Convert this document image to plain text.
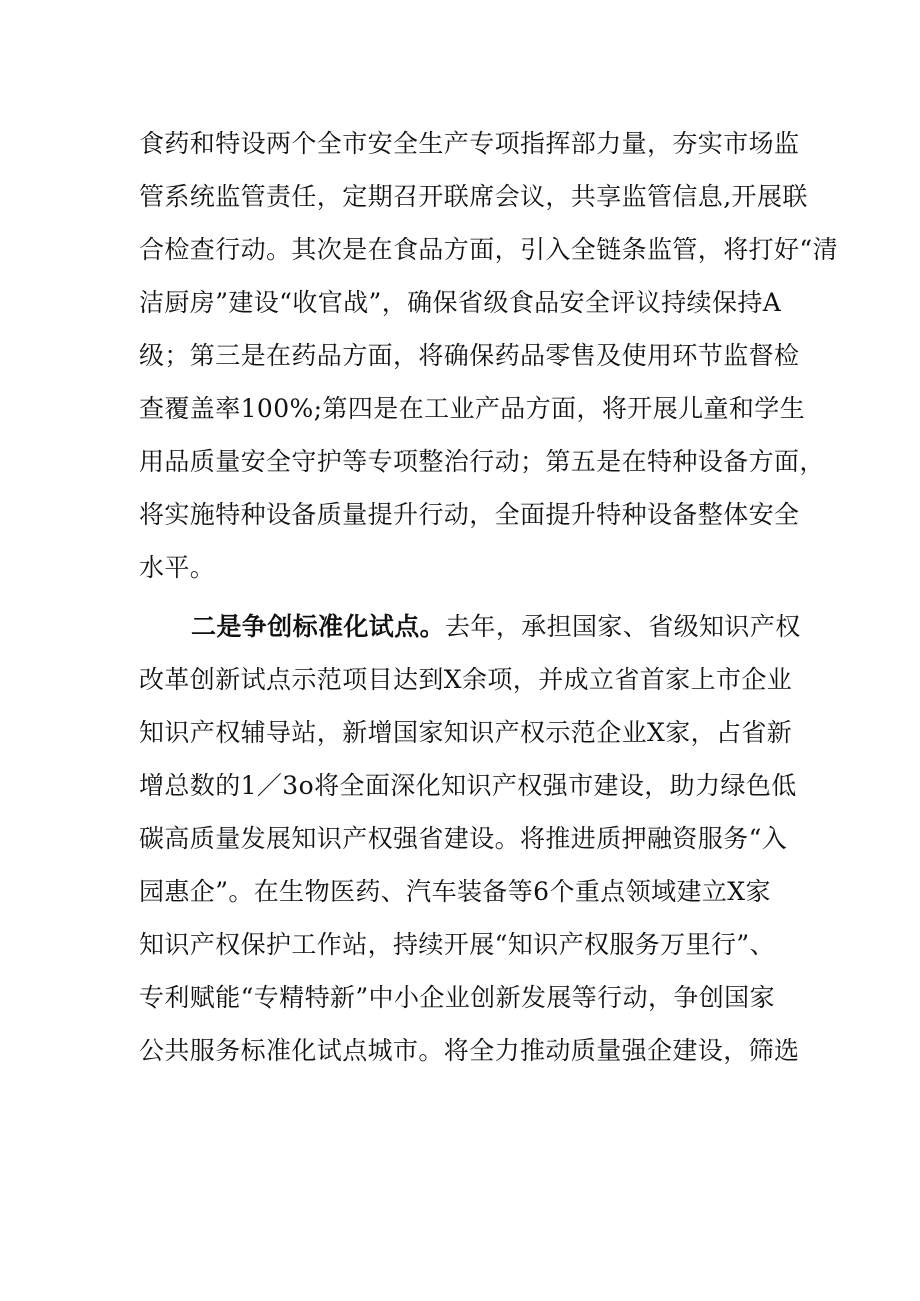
食药和特设两个全市安全生产专项指挥部力量，夯实市场监
管系统监管责任，定期召开联席会议，共享监管信息,开展联
合检查行动。其次是在食品方面，引入全链条监管，将打好“清
洁厨房”建设“收官战”，确保省级食品安全评议持续保持A
级；第三是在药品方面，将确保药品零售及使用环节监督检
查覆盖率100%;第四是在工业产品方面，将开展儿童和学生
用品质量安全守护等专项整治行动；第五是在特种设备方面，
将实施特种设备质量提升行动，全面提升特种设备整体安全
水平。
二是争创标准化试点。去年，承担国家、省级知识产权
改革创新试点示范项目达到X余项，并成立省首家上市企业
知识产权辅导站，新增国家知识产权示范企业X家，占省新
增总数的1／3o将全面深化知识产权强市建设，助力绿色低
碳高质量发展知识产权强省建设。将推进质押融资服务“入
园惠企”。在生物医药、汽车装备等6个重点领域建立X家
知识产权保护工作站，持续开展“知识产权服务万里行”、
专利赋能“专精特新”中小企业创新发展等行动，争创国家
公共服务标准化试点城市。将全力推动质量强企建设，筛选
